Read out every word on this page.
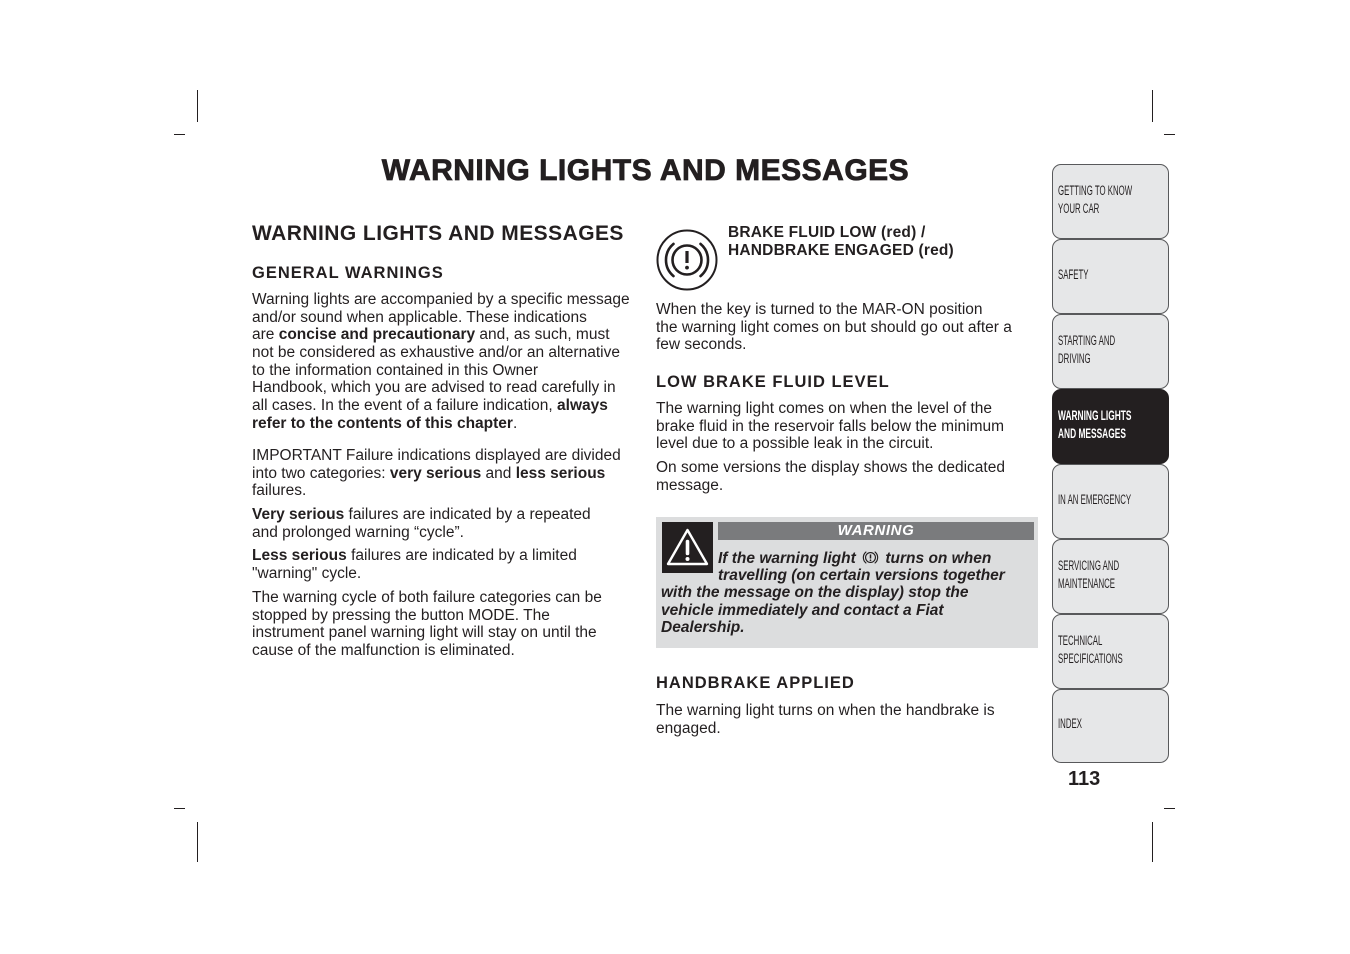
WARNING LIGHTS AND MESSAGES
WARNING LIGHTS AND MESSAGES
GENERAL WARNINGS
Warning lights are accompanied by a specific message
and/or sound when applicable. These indications
are concise and precautionary and, as such, must
not be considered as exhaustive and/or an alternative
to the information contained in this Owner
Handbook, which you are advised to read carefully in
all cases. In the event of a failure indication, always
refer to the contents of this chapter.
IMPORTANT Failure indications displayed are divided
into two categories: very serious and less serious
failures.
Very serious failures are indicated by a repeated
and prolonged warning “cycle”.
Less serious failures are indicated by a limited
"warning" cycle.
The warning cycle of both failure categories can be
stopped by pressing the button MODE. The
instrument panel warning light will stay on until the
cause of the malfunction is eliminated.
BRAKE FLUID LOW (red) /
HANDBRAKE ENGAGED (red)
When the key is turned to the MAR-ON position
the warning light comes on but should go out after a
few seconds.
LOW BRAKE FLUID LEVEL
The warning light comes on when the level of the
brake fluid in the reservoir falls below the minimum
level due to a possible leak in the circuit.
On some versions the display shows the dedicated
message.
WARNING
If the warning light  turns on when
travelling (on certain versions together
with the message on the display) stop the
vehicle immediately and contact a Fiat
Dealership.
HANDBRAKE APPLIED
The warning light turns on when the handbrake is
engaged.
GETTING TO KNOW
YOUR CAR
SAFETY
STARTING AND
DRIVING
WARNING LIGHTS
AND MESSAGES
IN AN EMERGENCY
SERVICING AND
MAINTENANCE
TECHNICAL
SPECIFICATIONS
INDEX
113
